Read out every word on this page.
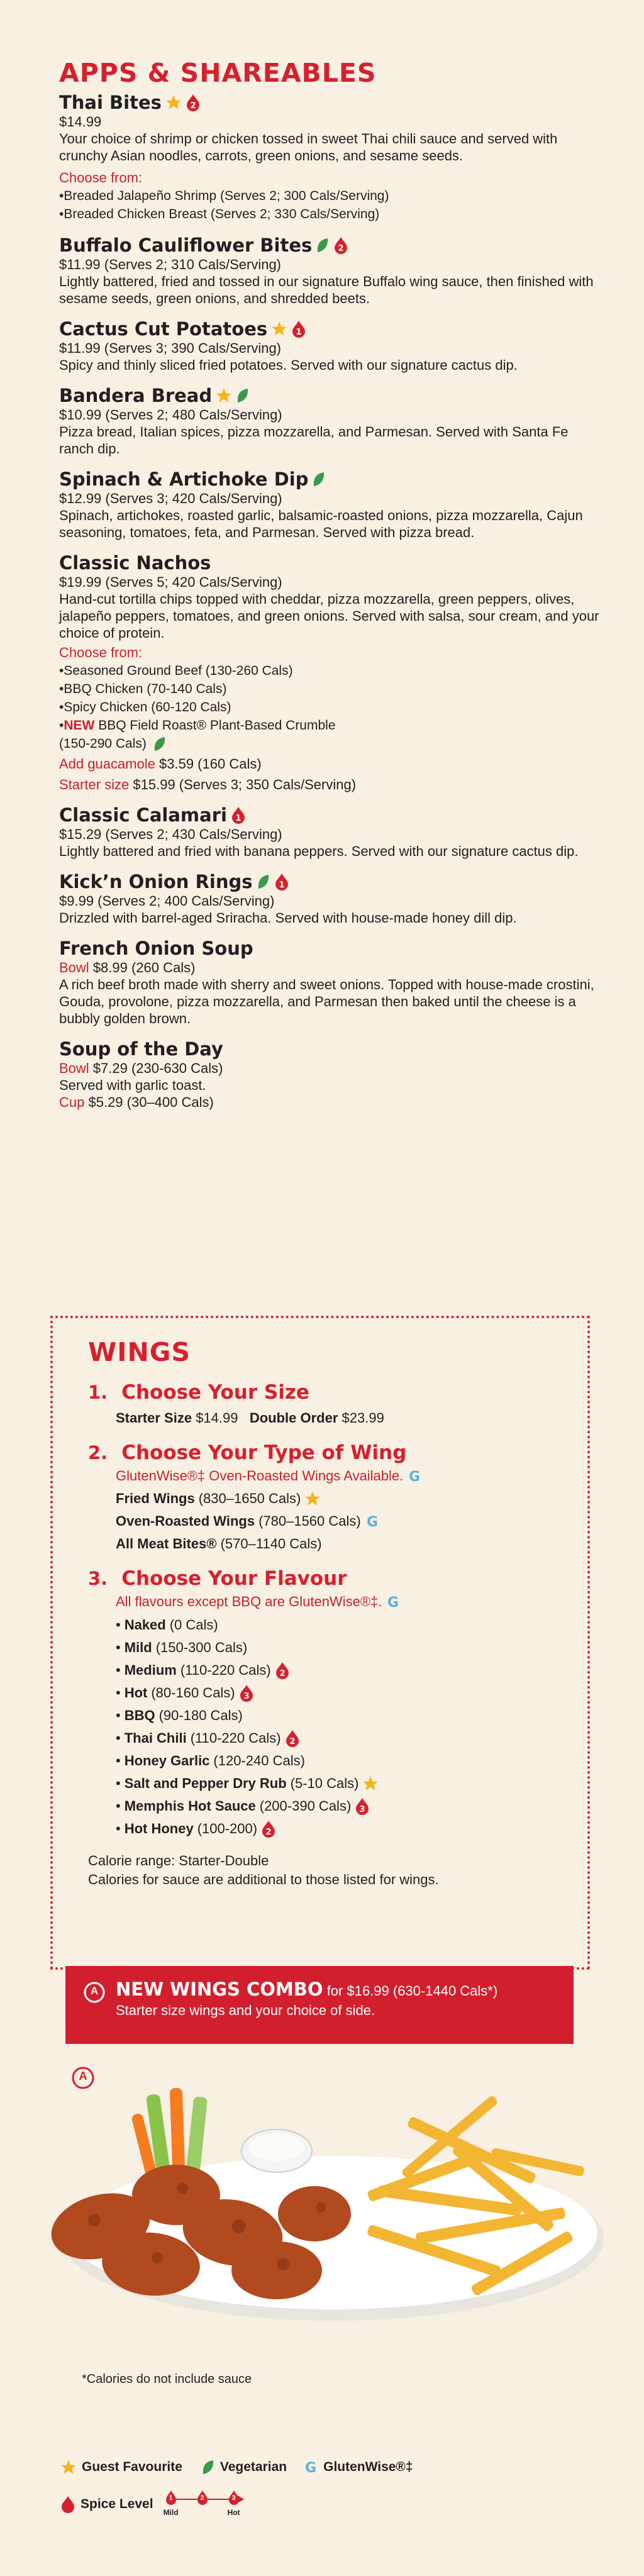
APPS & SHAREABLES
Thai Bites	2

$14.99

Your choice of shrimp or chicken tossed in sweet Thai chili sauce and served with crunchy Asian noodles, carrots, green onions, and sesame seeds.

Choose from:

•Breaded Jalapeño Shrimp (Serves 2; 300 Cals/Serving)

•Breaded Chicken Breast (Serves 2; 330 Cals/Serving)

Buffalo Cauliflower Bites	2

$11.99 (Serves 2; 310 Cals/Serving)

Lightly battered, fried and tossed in our signature Buffalo wing sauce, then finished with sesame seeds, green onions, and shredded beets.

Cactus Cut Potatoes	1

$11.99 (Serves 3; 390 Cals/Serving)

Spicy and thinly sliced fried potatoes. Served with our signature cactus dip.

Bandera Bread

$10.99 (Serves 2; 480 Cals/Serving)

Pizza bread, Italian spices, pizza mozzarella, and Parmesan. Served with Santa Fe ranch dip.

Spinach & Artichoke Dip

$12.99 (Serves 3; 420 Cals/Serving)

Spinach, artichokes, roasted garlic, balsamic-roasted onions, pizza mozzarella, Cajun seasoning, tomatoes, feta, and Parmesan. Served with pizza bread.

Classic Nachos

$19.99 (Serves 5; 420 Cals/Serving)

Hand-cut tortilla chips topped with cheddar, pizza mozzarella, green peppers, olives, jalapeño peppers, tomatoes, and green onions. Served with salsa, sour cream, and your choice of protein.

Choose from:

•Seasoned Ground Beef (130-260 Cals)

•BBQ Chicken (70-140 Cals)

•Spicy Chicken (60-120 Cals)

•NEW BBQ Field Roast® Plant-Based Crumble

(150-290 Cals)

Add guacamole $3.59 (160 Cals)

Starter size $15.99 (Serves 3; 350 Cals/Serving)

Classic Calamari 1

$15.29 (Serves 2; 430 Cals/Serving)

Lightly battered and fried with banana peppers. Served with our signature cactus dip.

Kick’n Onion Rings	1

$9.99 (Serves 2; 400 Cals/Serving)

Drizzled with barrel-aged Sriracha. Served with house-made honey dill dip.

French Onion Soup

Bowl $8.99 (260 Cals)

A rich beef broth made with sherry and sweet onions. Topped with house-made crostini, Gouda, provolone, pizza mozzarella, and Parmesan then baked until the cheese is a bubbly golden brown.

Soup of the Day

Bowl $7.29 (230-630 Cals)

Served with garlic toast.

Cup $5.29 (30–400 Cals)

WINGS
1. Choose Your Size

Starter Size $14.99 Double Order $23.99

2. Choose Your Type of Wing

GlutenWise®‡ Oven-Roasted Wings Available. G

Fried Wings (830–1650 Cals)

Oven-Roasted Wings (780–1560 Cals) G

All Meat Bites® (570–1140 Cals)

3. Choose Your Flavour

All flavours except BBQ are GlutenWise®‡. G

• Naked (0 Cals)

• Mild (150-300 Cals)

• Medium (110-220 Cals) 2

• Hot (80-160 Cals) 3

• BBQ (90-180 Cals)

• Thai Chili (110-220 Cals) 2

• Honey Garlic (120-240 Cals)

• Salt and Pepper Dry Rub (5-10 Cals)

• Memphis Hot Sauce (200-390 Cals) 3

• Hot Honey (100-200) 2

Calorie range: Starter-Double

Calories for sauce are additional to those listed for wings.

A NEW WINGS COMBO for $16.99 (630-1440 Cals*)

Starter size wings and your choice of side.

A

*Calories do not include sauce

Guest Favourite	Vegetarian G GlutenWise®‡
Spice Level	1	2	3
Mild	Hot
